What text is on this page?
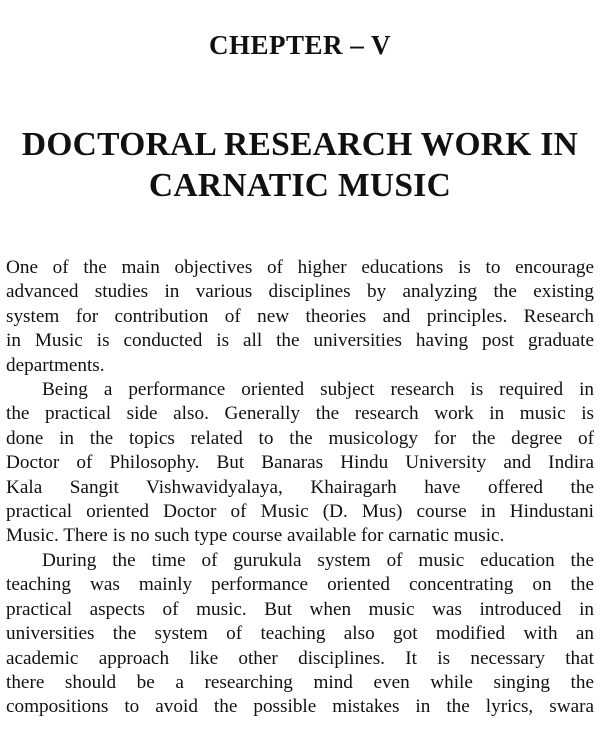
CHEPTER – V
DOCTORAL RESEARCH WORK IN
CARNATIC MUSIC

One of the main objectives of higher educations is to encourage
advanced studies in various disciplines by analyzing the existing
system for contribution of new theories and principles. Research
in Music is conducted is all the universities having post graduate
departments.

Being a performance oriented subject research is required in
the practical side also. Generally the research work in music is
done in the topics related to the musicology for the degree of
Doctor of Philosophy. But Banaras Hindu University and Indira
Kala Sangit Vishwavidyalaya, Khairagarh have offered the
practical oriented Doctor of Music (D. Mus) course in Hindustani
Music. There is no such type course available for carnatic music.

During the time of gurukula system of music education the
teaching was mainly performance oriented concentrating on the
practical aspects of music. But when music was introduced in
universities the system of teaching also got modified with an
academic approach like other disciplines. It is necessary that
there should be a researching mind even while singing the
compositions to avoid the possible mistakes in the lyrics, swara
